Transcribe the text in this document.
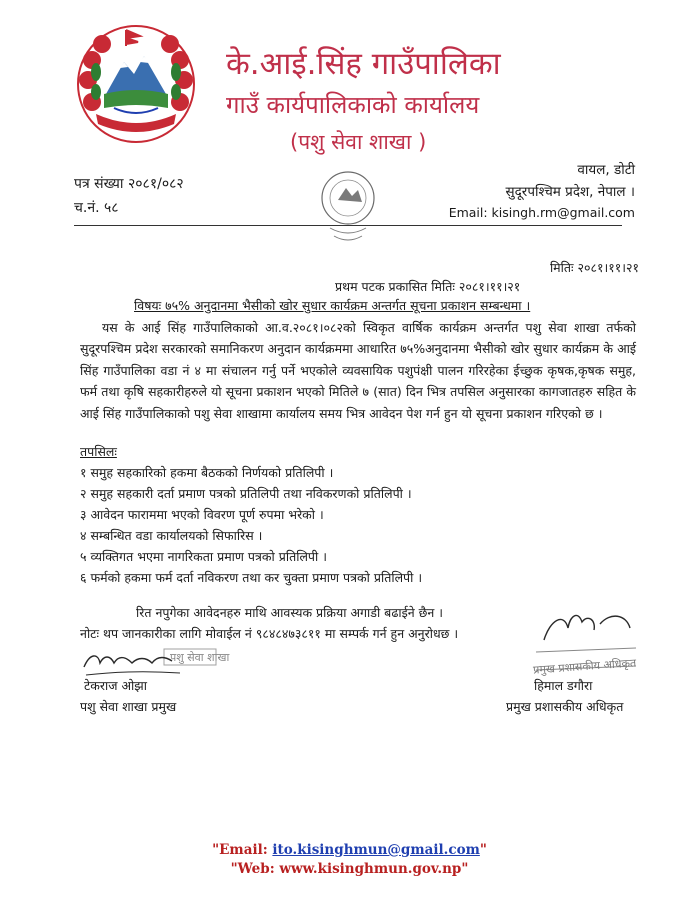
के.आई.सिंह गाउँपालिका
गाउँ कार्यपालिकाको कार्यालय
(पशु सेवा शाखा )
वायल, डोटी
सुदूरपश्चिम प्रदेश, नेपाल ।
Email: kisingh.rm@gmail.com
पत्र संख्या २०८१/०८२
च.नं. ५८
मितिः २०८१।११।२१
प्रथम पटक प्रकासित मितिः २०८१।११।२१
विषयः ७५% अनुदानमा भैसीको खोर सुधार कार्यक्रम अन्तर्गत सूचना प्रकाशन सम्बन्धमा ।

यस के आई सिंह गाउँपालिकाको आ.व.२०८१।०८२को स्विकृत वार्षिक कार्यक्रम अन्तर्गत पशु सेवा शाखा तर्फको सुदूरपश्चिम प्रदेश सरकारको समानिकरण अनुदान कार्यक्रममा आधारित ७५%अनुदानमा भैसीको खोर सुधार कार्यक्रम के आई सिंह गाउँपालिका वडा नं ४ मा संचालन गर्नु पर्ने भएकोले व्यवसायिक पशुपंक्षी पालन गरिरहेका ईच्छुक कृषक,कृषक समुह, फर्म तथा कृषि सहकारीहरुले यो सूचना प्रकाशन भएको मितिले ७ (सात) दिन भित्र तपसिल अनुसारका कागजातहरु सहित के आई सिंह गाउँपालिकाको पशु सेवा शाखामा कार्यालय समय भित्र आवेदन पेश गर्न हुन यो सूचना प्रकाशन गरिएको छ ।

तपसिलः
१ समुह सहकारिको हकमा बैठकको निर्णयको प्रतिलिपी ।
२ समुह सहकारी दर्ता प्रमाण पत्रको प्रतिलिपी तथा नविकरणको प्रतिलिपी ।
३ आवेदन फाराममा भएको विवरण पूर्ण रुपमा भरेको ।
४ सम्बन्धित वडा कार्यालयको सिफारिस ।
५ व्यक्तिगत भएमा नागरिकता प्रमाण पत्रको प्रतिलिपी ।
६ फर्मको हकमा फर्म दर्ता नविकरण तथा कर चुक्ता प्रमाण पत्रको प्रतिलिपी ।
रित नपुगेका आवेदनहरु माथि आवस्यक प्रक्रिया अगाडी बढाईने छैन ।
नोटः थप जानकारीका लागि मोवाईल नं ९८४८४७३८११ मा सम्पर्क गर्न हुन अनुरोधछ ।
पशु सेवा शाखा
टेकराज ओझा
पशु सेवा शाखा प्रमुख
प्रमुख प्रशासकीय अधिकृत
हिमाल डगौरा
प्रमुख प्रशासकीय अधिकृत
"Email: ito.kisinghmun@gmail.com"
"Web: www.kisinghmun.gov.np"
